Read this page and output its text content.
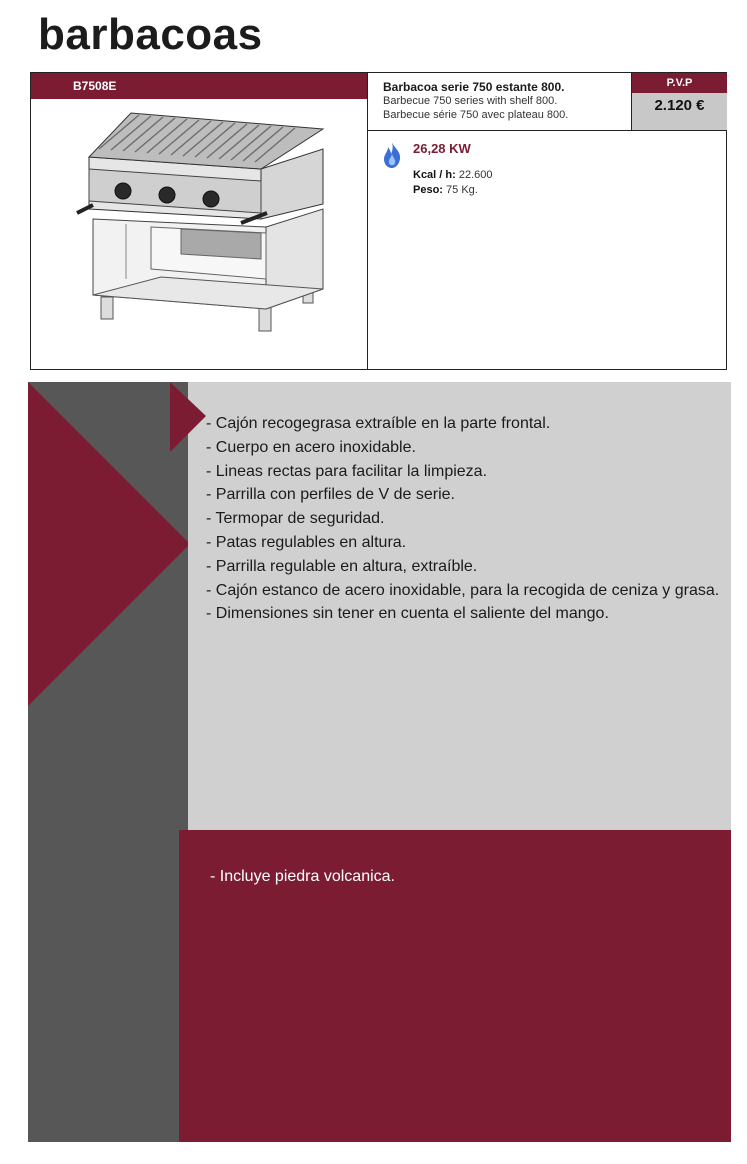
barbacoas
B7508E	Barbacoa serie 750 estante 800.
Barbecue 750 series with shelf 800.
Barbecue série 750 avec plateau 800.
P.V.P
2.120 €
26,28 KW
Kcal / h: 22.600
Peso: 75 Kg.
- Cajón recogegrasa extraíble en la parte frontal.
- Cuerpo en acero inoxidable.
- Lineas rectas para facilitar la limpieza.
- Parrilla con perfiles de V de serie.
- Termopar de seguridad.
- Patas regulables en altura.
- Parrilla regulable en altura, extraíble.
- Cajón estanco de acero inoxidable, para la recogida de ceniza y grasa.
- Dimensiones sin tener en cuenta el saliente del mango.
- Incluye piedra volcanica.
